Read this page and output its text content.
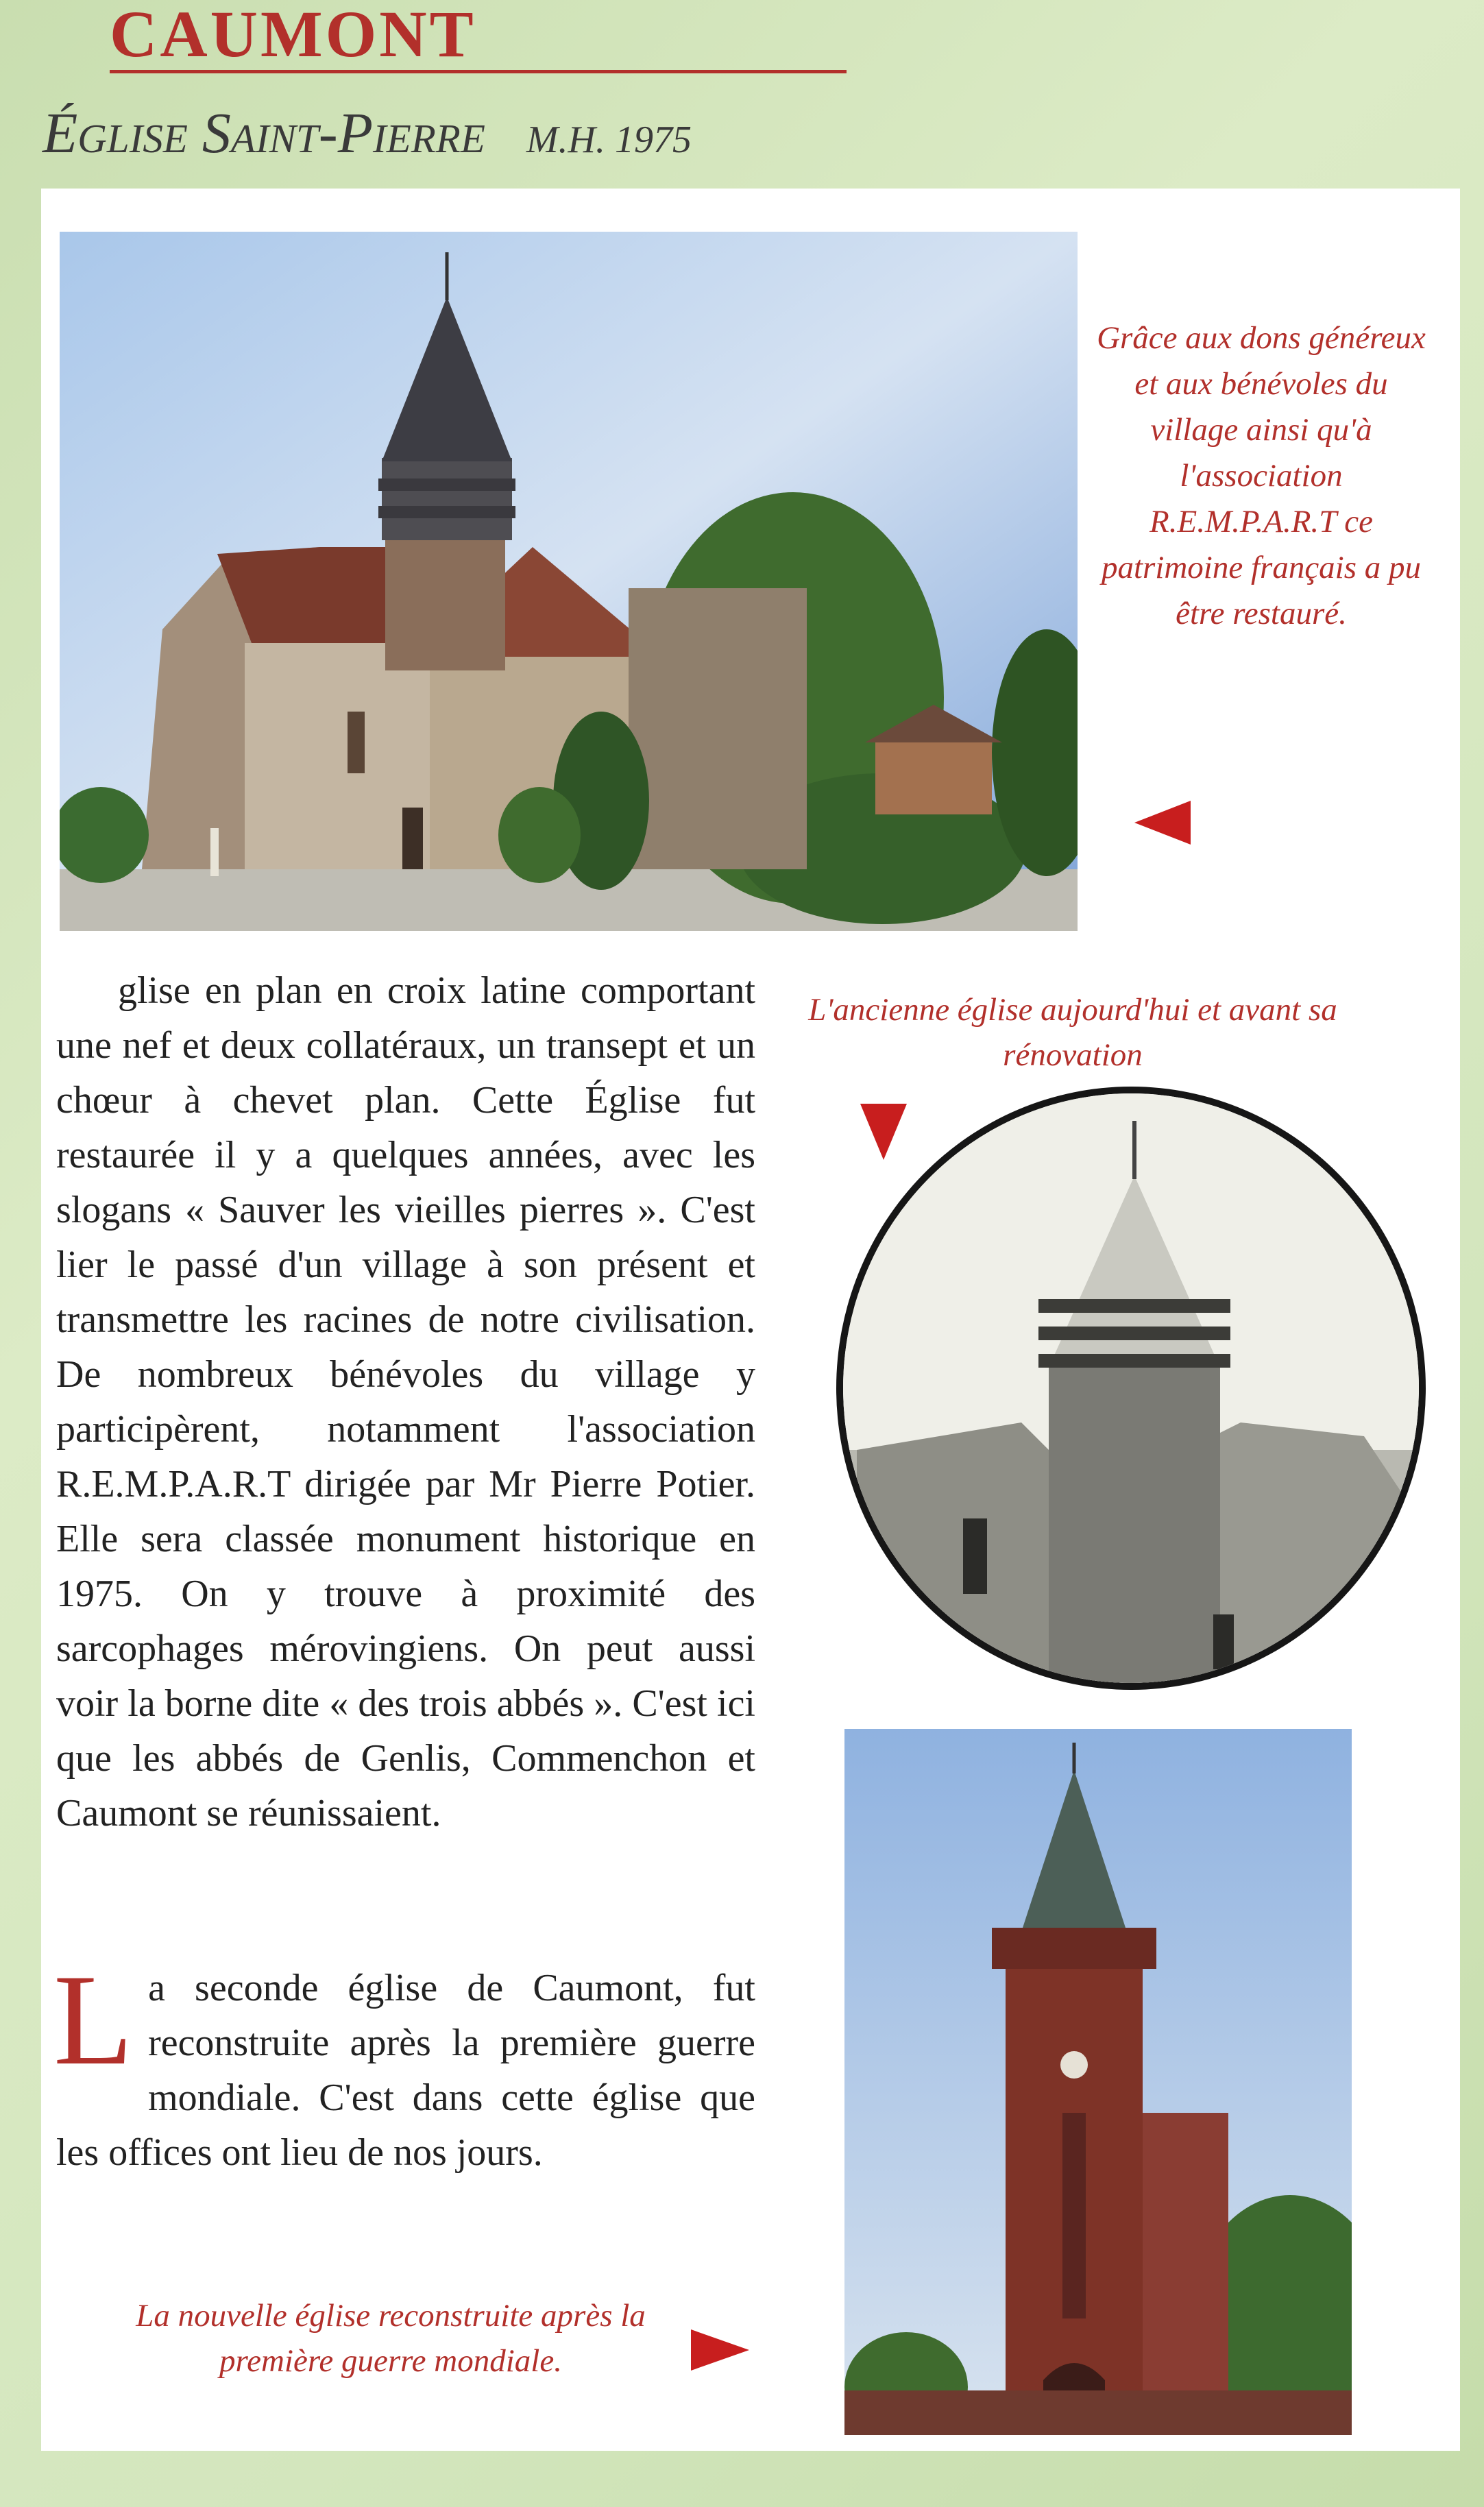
CAUMONT
Église Saint-Pierre M.H. 1975
Grâce aux dons généreux et aux bénévoles du village ainsi qu'à l'association R.E.M.P.A.R.T ce patrimoine français a pu être restauré.
L'ancienne église aujourd'hui et avant sa rénovation
glise en plan en croix latine comportant une nef et deux collatéraux, un transept et un chœur à chevet plan. Cette Église fut restaurée il y a quelques années, avec les slogans « Sauver les vieilles pierres ». C'est lier le passé d'un village à son présent et transmettre les racines de notre civilisation. De nombreux bénévoles du village y participèrent, notamment l'association R.E.M.P.A.R.T dirigée par Mr Pierre Potier. Elle sera classée monument historique en 1975. On y trouve à proximité des sarcophages mérovingiens. On peut aussi voir la borne dite « des trois abbés ». C'est ici que les abbés de Genlis, Commenchon et Caumont se réunissaient.
La seconde église de Caumont, fut reconstruite après la première guerre mondiale. C'est dans cette église que les offices ont lieu de nos jours.
La nouvelle église reconstruite après la première guerre mondiale.
